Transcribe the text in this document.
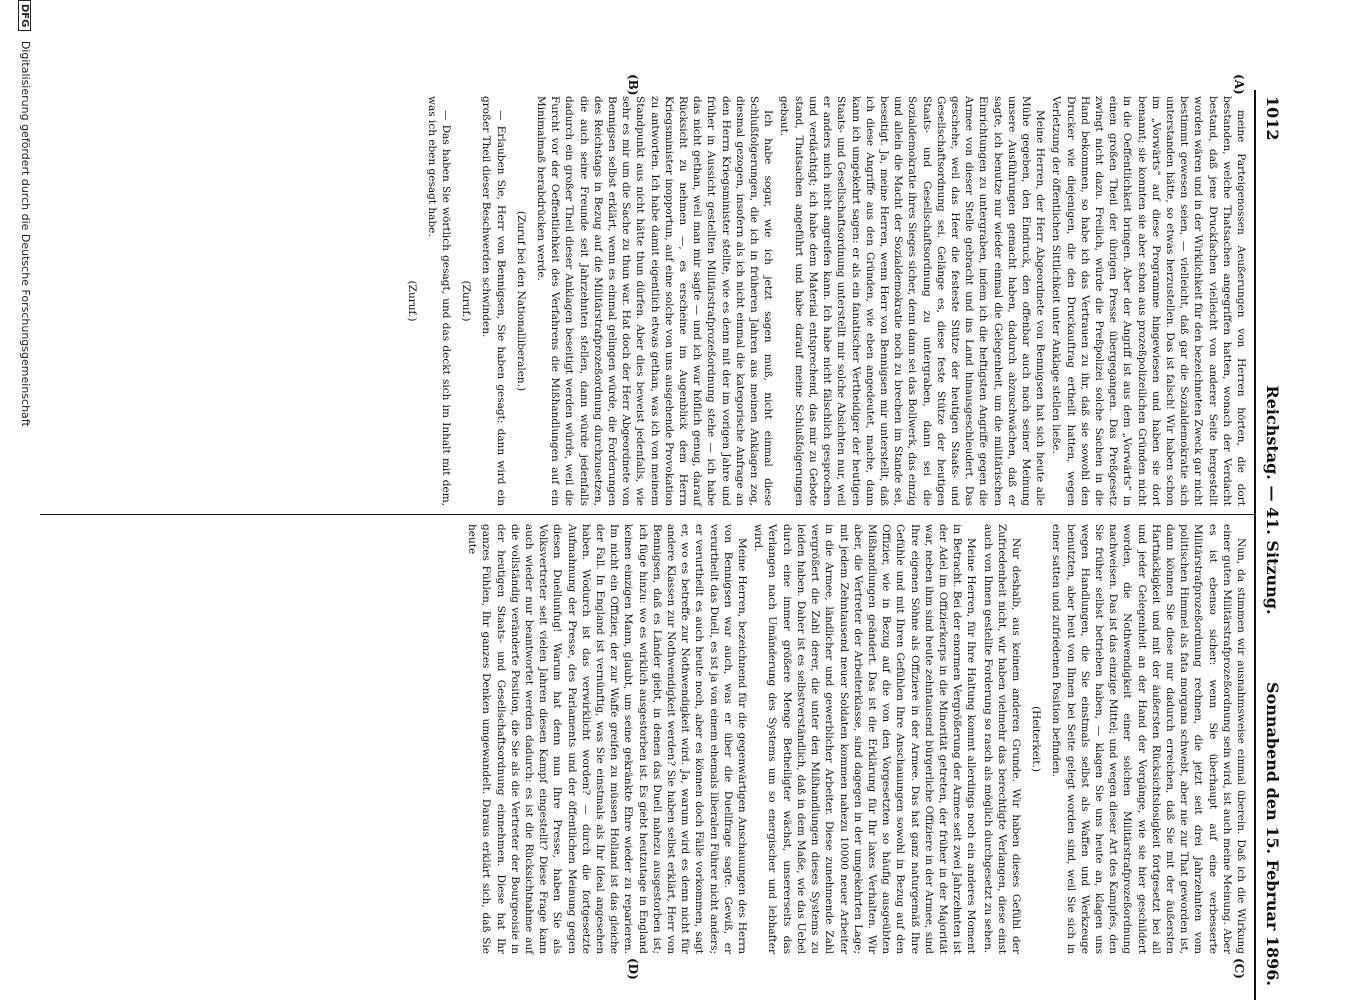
1012
Reichstag. — 41. Sitzung.
Sonnabend den 15. Februar 1896.
(A)
(B)
(C)
(D)

meine Parteigenossen Aeußerungen von Herren hörten, die dort bestanden, welche Thatsachen angegriffen hatten, wonach der Verdacht bestand, daß jene Druckſachen vielleicht von anderer Seite hergestellt worden wären und in der Wirklichkeit für den bezeichneten Zweck gar nicht bestimmt gewesen seien, — vielleicht, daß gar die Sozialdemokratie sich unterstanden hätte, so etwas herzustellen. Das ist falsch! Wir haben schon im „Vorwärts“ auf diese Programme hingewiesen und haben sie dort benannt; sie konnten sie aber schon aus prozeßpolizeilichen Gründen nicht in die Oeffentlichkeit bringen. Aber der Angriff ist aus dem „Vorwärts“ in einen großen Theil der übrigen Presse übergegangen. Das Preßgesetz zwingt nicht dazu. Freilich, würde die Preßpolizei solche Sachen in die Hand bekommen, so habe ich das Vertrauen zu ihr, daß sie sowohl den Drucker wie diejenigen, die den Druckauftrag ertheilt hatten, wegen Verletzung der öffentlichen Sittlichkeit unter Anklage stellen ließe.

Meine Herren, der Herr Abgeordnete von Bennigsen hat sich heute alle Mühe gegeben, den Eindruck, den offenbar auch nach seiner Meinung unsere Ausführungen gemacht haben, dadurch abzuschwächen, daß er sagte, ich benutze nur wieder einmal die Gelegenheit, um die militärischen Einrichtungen zu untergraben, indem ich die heftigsten Angriffe gegen die Armee von dieser Stelle gebracht und ins Land hinausgeschleudert. Das geschehe, weil das Heer die festeste Stütze der heutigen Staats- und Gesellschaftsordnung sei. Gelänge es, diese feste Stütze der heutigen Staats- und Gesellschaftsordnung zu untergraben, dann sei die Sozialdemokratie ihres Sieges sicher, denn dann sei das Bollwerk, das einzig und allein die Macht der Sozialdemokratie noch zu brechen im Stande sei, beseitigt. Ja, meine Herren, wenn Herr von Bennigsen mir unterstellt, daß ich diese Angriffe aus den Gründen, wie eben angedeutet, mache, dann kann ich umgekehrt sagen: er als ein fanatischer Vertheidiger der heutigen Staats- und Gesellschaftsordnung unterstellt mir solche Absichten nur, weil er anders mich nicht angreifen kann. Ich habe nicht fälschlich gesprochen und verdächtigt; ich habe dem Material entsprechend, das mir zu Gebote stand, Thatsachen angeführt und habe darauf meine Schlußfolgerungen gebaut.

Ich habe sogar, wie ich jetzt sagen muß, nicht einmal diese Schlußfolgerungen, die ich in früheren Jahren aus meinen Anklagen zog, diesmal gezogen, insofern als ich nicht einmal die kategorische Anfrage an den Herrn Kriegsminister stellte, wie es denn mit der im vorigen Jahre und früher in Aussicht gestellten Militärstrafprozeßordnung stehe — ich habe das nicht gethan, weil man mir sagte — und ich war höflich genug, darauf Rücksicht zu nehmen —, es erscheine im Augenblick dem Herrn Kriegsminister inopportun, auf eine solche von uns ausgehende Provokation zu antworten. Ich habe damit eigentlich etwas gethan, was ich von meinem Standpunkt aus nicht hätte thun dürfen. Aber dies beweist jedenfalls, wie sehr es mir um die Sache zu thun war. Hat doch der Herr Abgeordnete von Bennigsen selbst erklärt, wenn es einmal gelingen würde, die Forderungen des Reichstags in Bezug auf die Militärstrafprozeßordnung durchzusetzen, die auch seine Freunde seit Jahrzehnten stellen, dann würde jedenfalls dadurch ein großer Theil dieser Anklagen beseitigt werden würde, weil die Furcht vor der Oeffentlichkeit des Verfahrens die Mißhandlungen auf ein Minimalmaß herabdrücken werde.

(Zuruf bei den Nationalliberalen.)

— Erlauben Sie, Herr von Bennigsen, Sie haben gesagt: dann wird ein großer Theil dieser Beschwerden schwinden.

(Zuruf.)

— Das haben Sie wörtlich gesagt, und das deckt sich im Inhalt mit dem, was ich eben gesagt habe.

(Zuruf.)

Nun, da stimmen wir ausnahmsweise einmal überein. Daß ich die Wirkung einer guten Militärstrafprozeßordnung sein wird, ist auch meine Meinung. Aber es ist ebenso sicher: wenn Sie überhaupt auf eine verbesserte Militärstrafprozeßordnung rechnen, die jetzt seit drei Jahrzehnten vom politischen Himmel als fata morgana schwebt, aber nie zur That geworden ist, dann können Sie diese nur dadurch erreichen, daß Sie mit der äußersten Hartnäckigkeit und mit der äußersten Rücksichtslosigkeit fortgesetzt bei all und jeder Gelegenheit an der Hand der Vorgänge, wie sie hier geschildert worden, die Nothwendigkeit einer solchen Militärstrafprozeßordnung nachweisen. Das ist das einzige Mittel; und wegen dieser Art des Kampfes, den Sie früher selbst betrieben haben, — klagen Sie uns heute an, klagen uns wegen Handlungen, die Sie einstmals selbst als Waffen und Werkzeuge benutzten, aber heut von Ihnen bei Seite gelegt worden sind, weil Sie sich in einer satten und zufriedenen Position befinden.

(Heiterkeit.)

Nur deshalb, aus keinem anderen Grunde. Wir haben dieses Gefühl der Zufriedenheit nicht, wir haben vielmehr das berechtigte Verlangen, diese einst auch von Ihnen gestellte Forderung so rasch als möglich durchgesetzt zu sehen.

Meine Herren, für Ihre Haltung kommt allerdings noch ein anderes Moment in Betracht. Bei der enormen Vergrößerung der Armee seit zwei Jahrzehnten ist der Adel im Offizierkorps in die Minorität getreten, der früher in der Majorität war, neben ihm sind heute zehntausend bürgerliche Offiziere in der Armee, sind Ihre eigenen Söhne als Offiziere in der Armee. Das hat ganz naturgemäß Ihre Gefühle und mit Ihren Gefühlen Ihre Anschauungen sowohl in Bezug auf den Offizier, wie in Bezug auf die von den Vorgesetzten so häufig ausgeübten Mißhandlungen geändert. Das ist die Erklärung für Ihr laxes Verhalten. Wir aber, die Vertreter der Arbeiterklasse, sind dagegen in der umgekehrten Lage; mit jedem Zehntausend neuer Soldaten kommen nahezu 10000 neuer Arbeiter in die Armee, ländlicher und gewerblicher Arbeiter. Diese zunehmende Zahl vergrößert die Zahl derer, die unter den Mißhandlungen dieses Systems zu leiden haben. Daher ist es selbstverständlich, daß in dem Maße, wie das Uebel durch eine immer größere Menge Betheiligter wächst, unsererseits das Verlangen nach Umänderung des Systems um so energischer und lebhafter wird.

Meine Herren, bezeichnend für die gegenwärtigen Anschauungen des Herrn von Bennigsen war auch, was er über die Duellfrage sagte. Gewiß, er verurtheilt das Duell, es ist ja von einem ehemals liberalen Führer nicht anders; er verurtheilt es auch heute noch, aber es können doch Fälle vorkommen, sagt er, wo es betreffe zur Nothwendigkeit wird. Ja, warum wird es denn nicht für andere Klassen zur Nothwendigkeit werden? Sie haben selbst erklärt, Herr von Bennigsen, daß es Länder giebt, in denen das Duell nahezu ausgestorben ist; ich füge hinzu: wo es wirklich ausgestorben ist. Es giebt heutzutage in England keinen einzigen Mann, glaubt, um seine gekränkte Ehre wieder zu reparieren. Im nicht ein Offizier, der zur Waffe greifen zu müssen Holland ist das gleiche der Fall. In England ist vernünftig, was Sie einstmals als Ihr Ideal angesehen haben. Wodurch ist das verwirklicht worden? — durch die fortgesetzte Aufmahnung der Presse, des Parlaments und der öffentlichen Meinung gegen diesen Duellunfug! Warum hat denn nun Ihre Presse, haben Sie als Volksvertreter seit vielen Jahren diesen Kampf eingestellt? Diese Frage kann auch wieder nur beantwortet werden dadurch: es ist die Rücksichtnahme auf die vollständig veränderte Position, die Sie als die Vertreter der Bourgeoisie in der heutigen Staats- und Gesellschaftsordnung einnehmen. Diese hat Ihr ganzes Fühlen, Ihr ganzes Denken umgewandelt. Daraus erklärt sich, daß Sie heute

DFG Digitalisierung gefördert durch die Deutsche Forschungsgemeinschaft
